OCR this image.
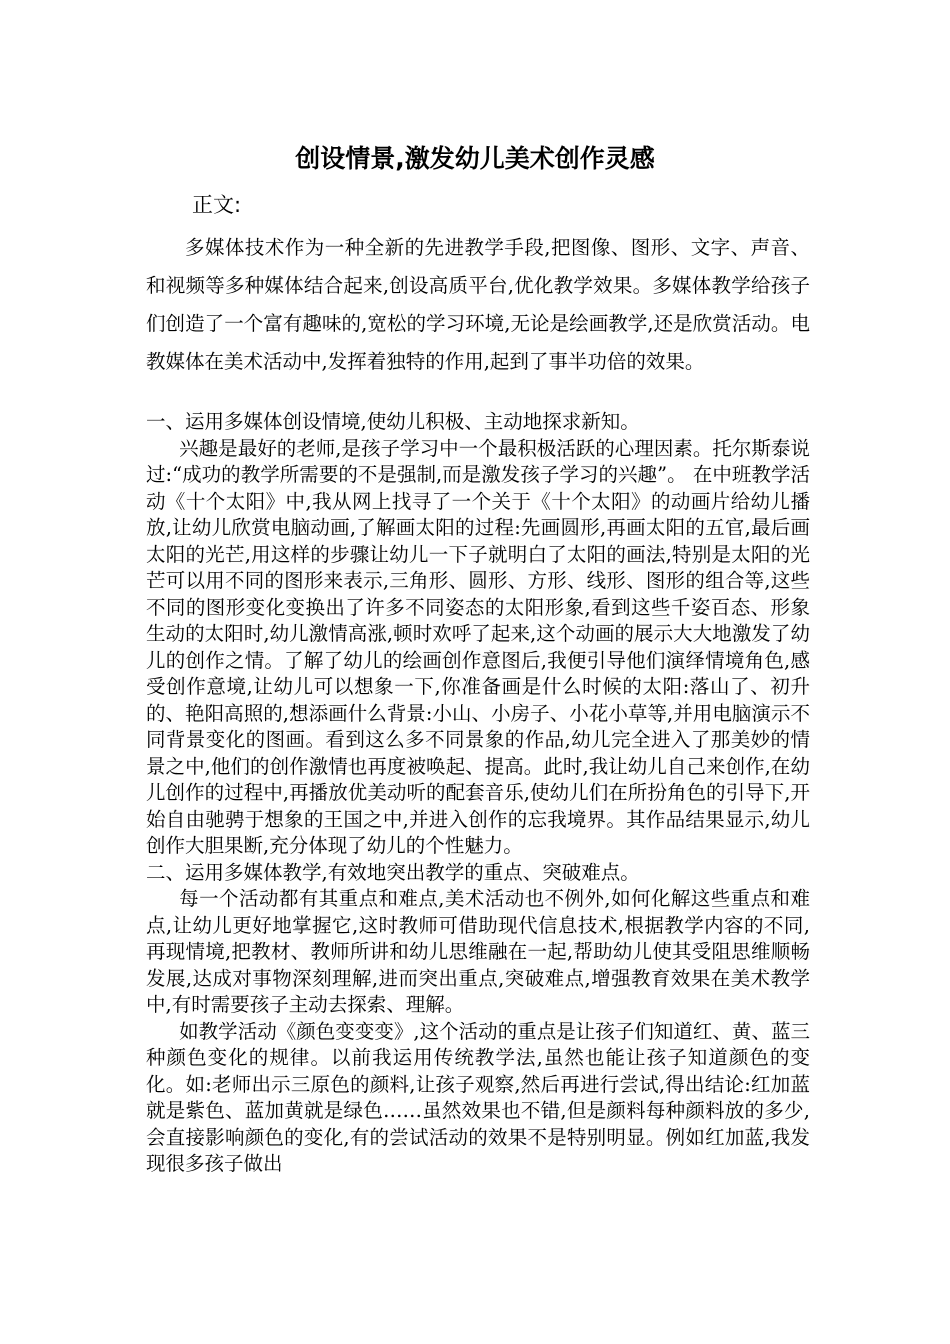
创设情景,激发幼儿美术创作灵感

正文:

多媒体技术作为一种全新的先进教学手段,把图像、图形、文字、声音、和视频等多种媒体结合起来,创设高质平台,优化教学效果。多媒体教学给孩子们创造了一个富有趣味的,宽松的学习环境,无论是绘画教学,还是欣赏活动。电教媒体在美术活动中,发挥着独特的作用,起到了事半功倍的效果。

一、运用多媒体创设情境,使幼儿积极、主动地探求新知。

兴趣是最好的老师,是孩子学习中一个最积极活跃的心理因素。托尔斯泰说过:“成功的教学所需要的不是强制,而是激发孩子学习的兴趣”。 在中班教学活动《十个太阳》中,我从网上找寻了一个关于《十个太阳》的动画片给幼儿播放,让幼儿欣赏电脑动画,了解画太阳的过程:先画圆形,再画太阳的五官,最后画太阳的光芒,用这样的步骤让幼儿一下子就明白了太阳的画法,特别是太阳的光芒可以用不同的图形来表示,三角形、圆形、方形、线形、图形的组合等,这些不同的图形变化变换出了许多不同姿态的太阳形象,看到这些千姿百态、形象生动的太阳时,幼儿激情高涨,顿时欢呼了起来,这个动画的展示大大地激发了幼儿的创作之情。了解了幼儿的绘画创作意图后,我便引导他们演绎情境角色,感受创作意境,让幼儿可以想象一下,你准备画是什么时候的太阳:落山了、初升的、艳阳高照的,想添画什么背景:小山、小房子、小花小草等,并用电脑演示不同背景变化的图画。看到这么多不同景象的作品,幼儿完全进入了那美妙的情景之中,他们的创作激情也再度被唤起、提高。此时,我让幼儿自己来创作,在幼儿创作的过程中,再播放优美动听的配套音乐,使幼儿们在所扮角色的引导下,开始自由驰骋于想象的王国之中,并进入创作的忘我境界。其作品结果显示,幼儿创作大胆果断,充分体现了幼儿的个性魅力。

二、运用多媒体教学,有效地突出教学的重点、突破难点。

每一个活动都有其重点和难点,美术活动也不例外,如何化解这些重点和难点,让幼儿更好地掌握它,这时教师可借助现代信息技术,根据教学内容的不同,再现情境,把教材、教师所讲和幼儿思维融在一起,帮助幼儿使其受阻思维顺畅发展,达成对事物深刻理解,进而突出重点,突破难点,增强教育效果在美术教学中,有时需要孩子主动去探索、理解。

如教学活动《颜色变变变》,这个活动的重点是让孩子们知道红、黄、蓝三种颜色变化的规律。以前我运用传统教学法,虽然也能让孩子知道颜色的变化。如:老师出示三原色的颜料,让孩子观察,然后再进行尝试,得出结论:红加蓝就是紫色、蓝加黄就是绿色……虽然效果也不错,但是颜料每种颜料放的多少,会直接影响颜色的变化,有的尝试活动的效果不是特别明显。例如红加蓝,我发现很多孩子做出
